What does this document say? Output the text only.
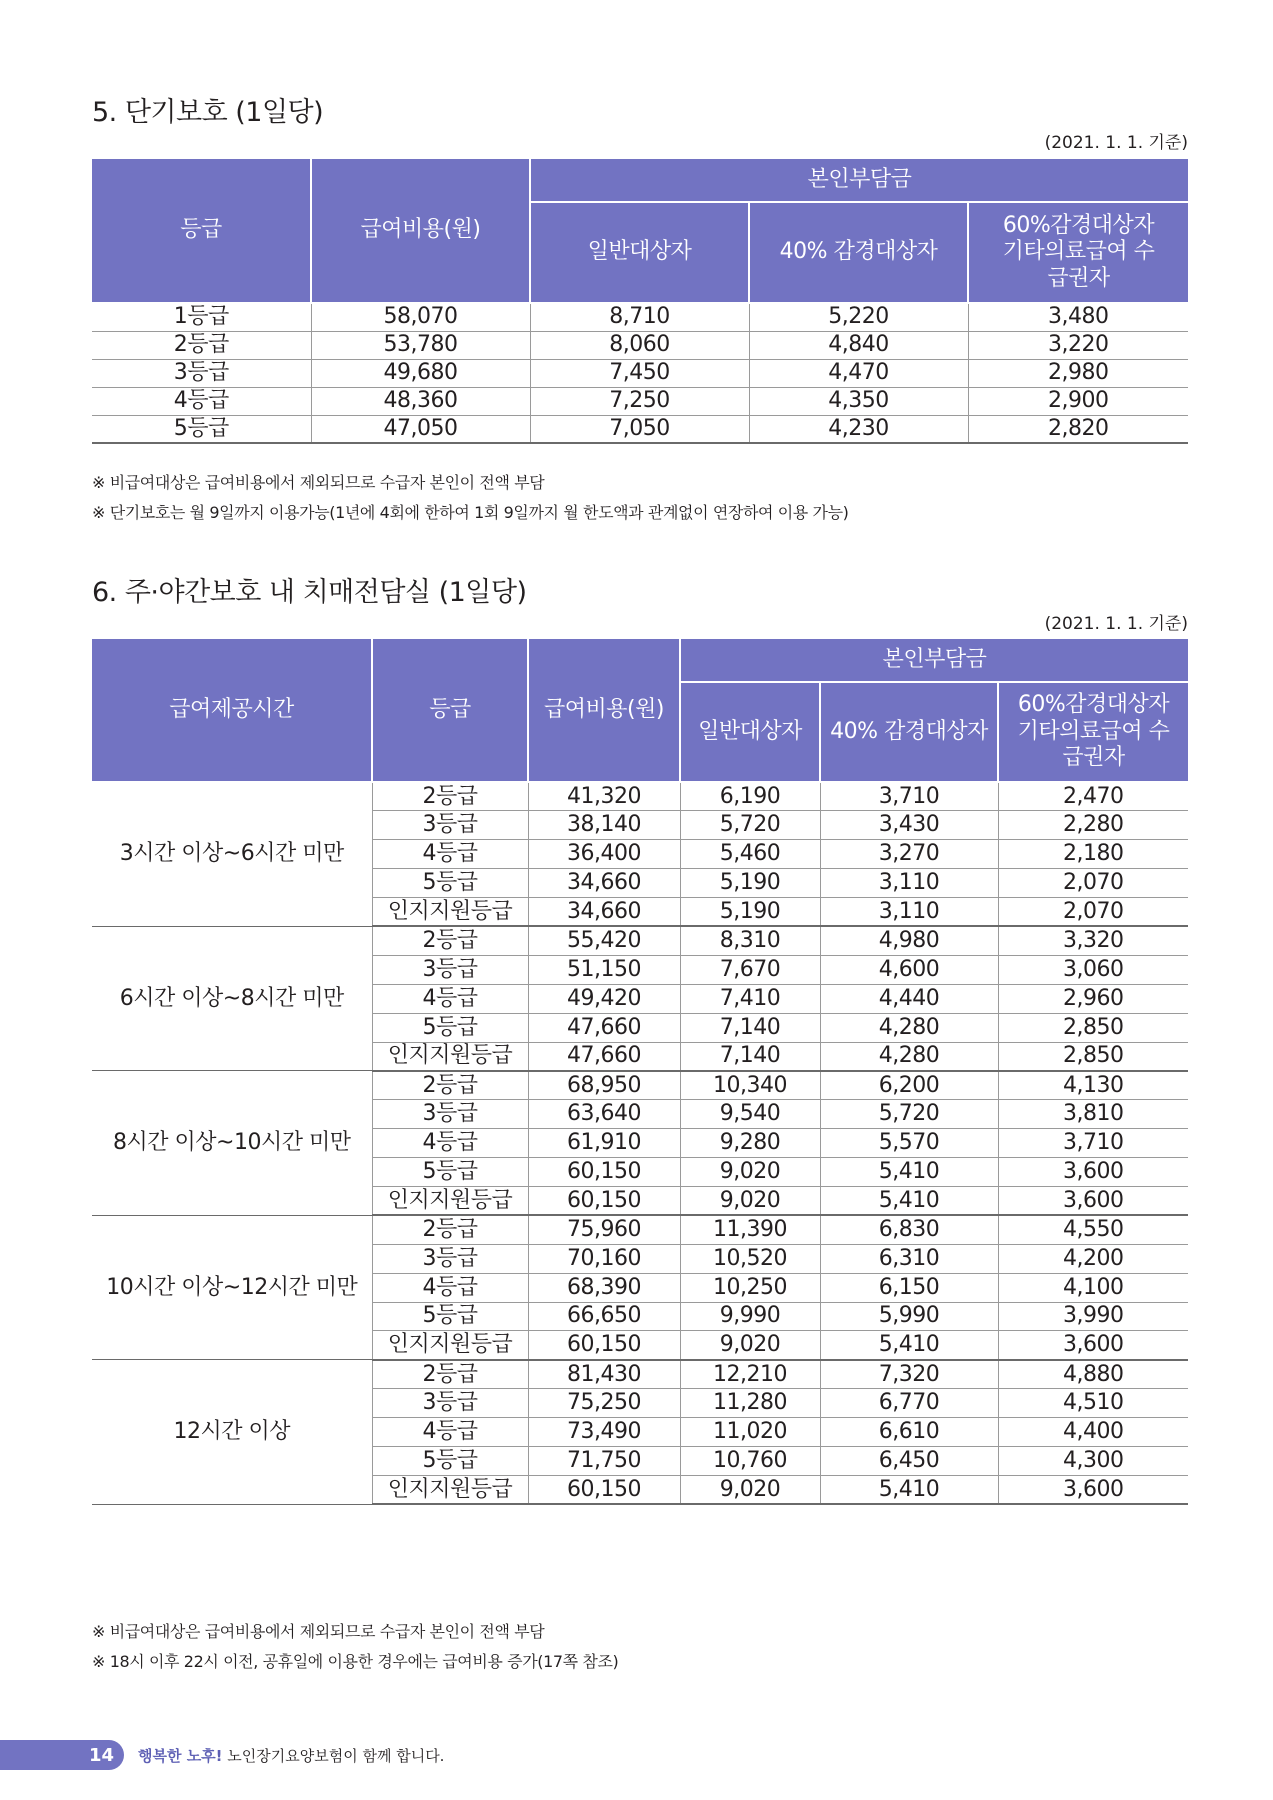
5. 단기보호 (1일당)
(2021. 1. 1. 기준)
등급	급여비용(원)	본인부담금		
		일반대상자	40% 감경대상자	60%감경대상자 기타의료급여 수급권자
1등급	58,070	8,710	5,220	3,480
2등급	53,780	8,060	4,840	3,220
3등급	49,680	7,450	4,470	2,980
4등급	48,360	7,250	4,350	2,900
5등급	47,050	7,050	4,230	2,820
※ 비급여대상은 급여비용에서 제외되므로 수급자 본인이 전액 부담
※ 단기보호는 월 9일까지 이용가능(1년에 4회에 한하여 1회 9일까지 월 한도액과 관계없이 연장하여 이용 가능)
6. 주·야간보호 내 치매전담실 (1일당)
(2021. 1. 1. 기준)
급여제공시간	등급	급여비용(원)	본인부담금		
			일반대상자	40% 감경대상자	60%감경대상자 기타의료급여 수급권자
3시간 이상~6시간 미만	2등급	41,320	6,190	3,710	2,470
	3등급	38,140	5,720	3,430	2,280
	4등급	36,400	5,460	3,270	2,180
	5등급	34,660	5,190	3,110	2,070
	인지지원등급	34,660	5,190	3,110	2,070
6시간 이상~8시간 미만	2등급	55,420	8,310	4,980	3,320
	3등급	51,150	7,670	4,600	3,060
	4등급	49,420	7,410	4,440	2,960
	5등급	47,660	7,140	4,280	2,850
	인지지원등급	47,660	7,140	4,280	2,850
8시간 이상~10시간 미만	2등급	68,950	10,340	6,200	4,130
	3등급	63,640	9,540	5,720	3,810
	4등급	61,910	9,280	5,570	3,710
	5등급	60,150	9,020	5,410	3,600
	인지지원등급	60,150	9,020	5,410	3,600
10시간 이상~12시간 미만	2등급	75,960	11,390	6,830	4,550
	3등급	70,160	10,520	6,310	4,200
	4등급	68,390	10,250	6,150	4,100
	5등급	66,650	9,990	5,990	3,990
	인지지원등급	60,150	9,020	5,410	3,600
12시간 이상	2등급	81,430	12,210	7,320	4,880
	3등급	75,250	11,280	6,770	4,510
	4등급	73,490	11,020	6,610	4,400
	5등급	71,750	10,760	6,450	4,300
	인지지원등급	60,150	9,020	5,410	3,600
※ 비급여대상은 급여비용에서 제외되므로 수급자 본인이 전액 부담
※ 18시 이후 22시 이전, 공휴일에 이용한 경우에는 급여비용 증가(17쪽 참조)
14	행복한 노후! 노인장기요양보험이 함께 합니다.
